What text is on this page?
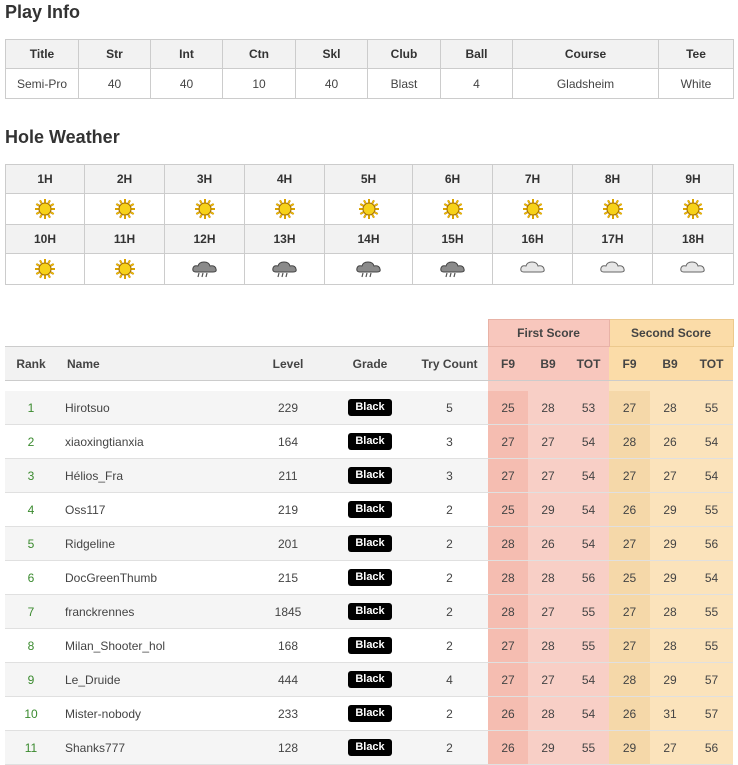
Play Info
Title	Str	Int	Ctn	Skl	Club	Ball	Course	Tee
Semi-Pro	40	40	10	40	Blast	4	Gladsheim	White
Hole Weather
1H	2H	3H	4H	5H	6H	7H	8H	9H

10H	11H	12H	13H	14H	15H	16H	17H	18H

					First Score			Second Score		
Rank	Name	Level	Grade	Try Count	F9	B9	TOT	F9	B9	TOT

1	Hirotsuo	229	Black	5	25	28	53	27	28	55
2	xiaoxingtianxia	164	Black	3	27	27	54	28	26	54
3	Hélios_Fra	211	Black	3	27	27	54	27	27	54
4	Oss117	219	Black	2	25	29	54	26	29	55
5	Ridgeline	201	Black	2	28	26	54	27	29	56
6	DocGreenThumb	215	Black	2	28	28	56	25	29	54
7	franckrennes	1845	Black	2	28	27	55	27	28	55
8	Milan_Shooter_hol	168	Black	2	27	28	55	27	28	55
9	Le_Druide	444	Black	4	27	27	54	28	29	57
10	Mister-nobody	233	Black	2	26	28	54	26	31	57
11	Shanks777	128	Black	2	26	29	55	29	27	56
